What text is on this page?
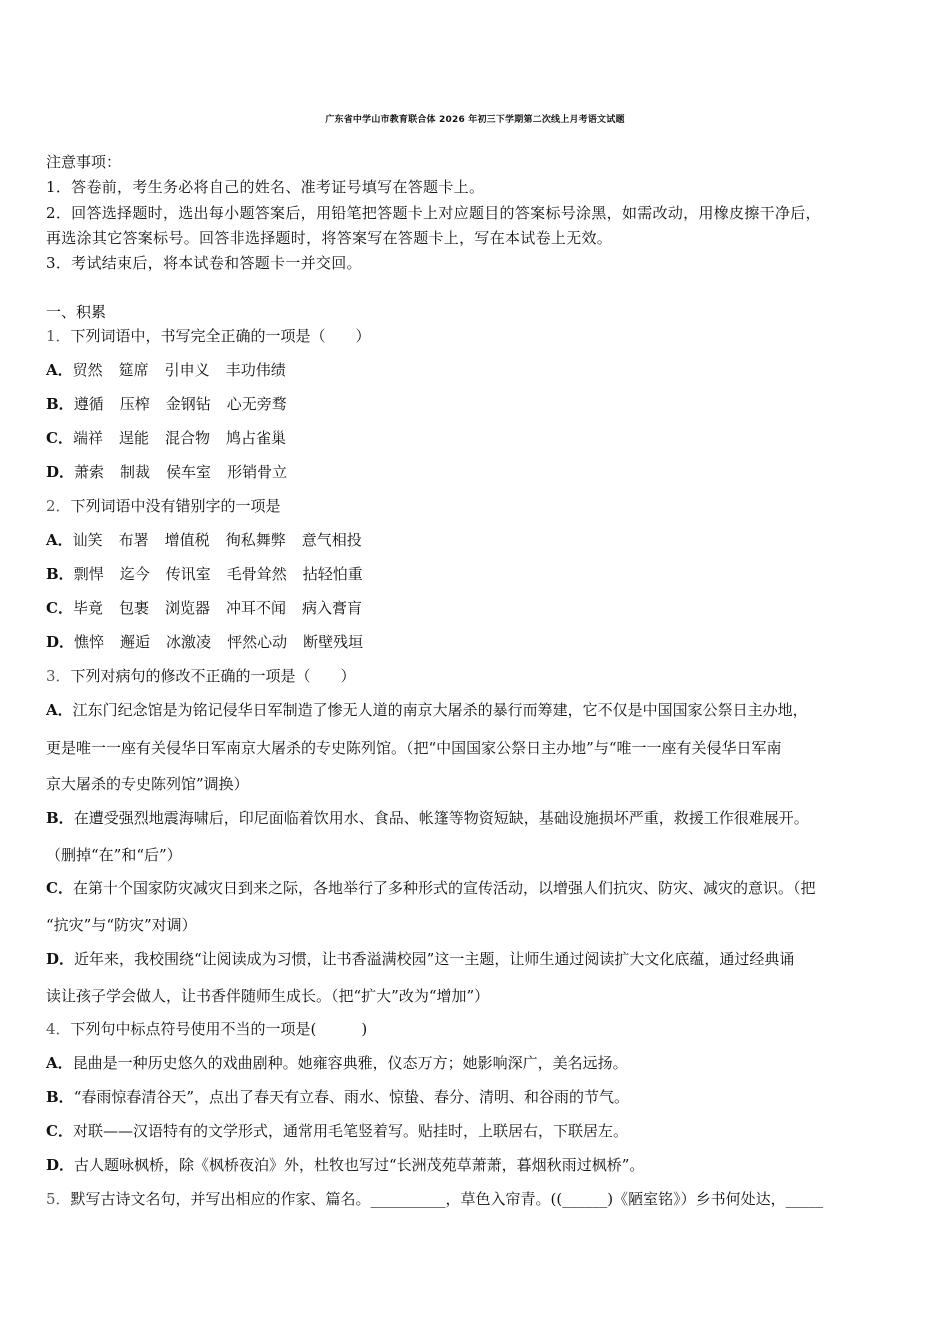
广东省中学山市教育联合体 2026 年初三下学期第二次线上月考语文试题
注意事项：
1．答卷前，考生务必将自己的姓名、准考证号填写在答题卡上。
2．回答选择题时，选出每小题答案后，用铅笔把答题卡上对应题目的答案标号涂黑，如需改动，用橡皮擦干净后，
再选涂其它答案标号。回答非选择题时，将答案写在答题卡上，写在本试卷上无效。
3．考试结束后，将本试卷和答题卡一并交回。
一、积累
1．下列词语中，书写完全正确的一项是（　　）
A．贸然 筵席 引申义 丰功伟绩
B．遵循 压榨 金钢钻 心无旁骛
C．端祥 逞能 混合物 鸠占雀巢
D．萧索 制裁 侯车室 形销骨立
2．下列词语中没有错别字的一项是
A．讪笑 布署 增值税 徇私舞弊 意气相投
B．剽悍 迄今 传讯室 毛骨耸然 拈轻怕重
C．毕竟 包裹 浏览器 冲耳不闻 病入膏肓
D．憔悴 邂逅 冰激凌 怦然心动 断壁残垣
3．下列对病句的修改不正确的一项是（　　）
A．江东门纪念馆是为铭记侵华日军制造了惨无人道的南京大屠杀的暴行而筹建，它不仅是中国国家公祭日主办地，
更是唯一一座有关侵华日军南京大屠杀的专史陈列馆。（把“中国国家公祭日主办地”与“唯一一座有关侵华日军南
京大屠杀的专史陈列馆”调换）
B．在遭受强烈地震海啸后，印尼面临着饮用水、食品、帐篷等物资短缺，基础设施损坏严重，救援工作很难展开。
（删掉“在”和“后”）
C．在第十个国家防灾减灾日到来之际，各地举行了多种形式的宣传活动，以增强人们抗灾、防灾、减灾的意识。（把
“抗灾”与“防灾”对调）
D．近年来，我校围绕“让阅读成为习惯，让书香溢满校园”这一主题，让师生通过阅读扩大文化底蕴，通过经典诵
读让孩子学会做人，让书香伴随师生成长。（把“扩大”改为“增加”）
4．下列句中标点符号使用不当的一项是(　　　)
A．昆曲是一种历史悠久的戏曲剧种。她雍容典雅，仪态万方；她影响深广，美名远扬。
B．“春雨惊春清谷天”，点出了春天有立春、雨水、惊蛰、春分、清明、和谷雨的节气。
C．对联——汉语特有的文学形式，通常用毛笔竖着写。贴挂时，上联居右，下联居左。
D．古人题咏枫桥，除《枫桥夜泊》外，杜牧也写过“长洲茂苑草萧萧，暮烟秋雨过枫桥”。
5．默写古诗文名句，并写出相应的作家、篇名。__________，草色入帘青。((______)《陋室铭》）乡书何处达，_____
